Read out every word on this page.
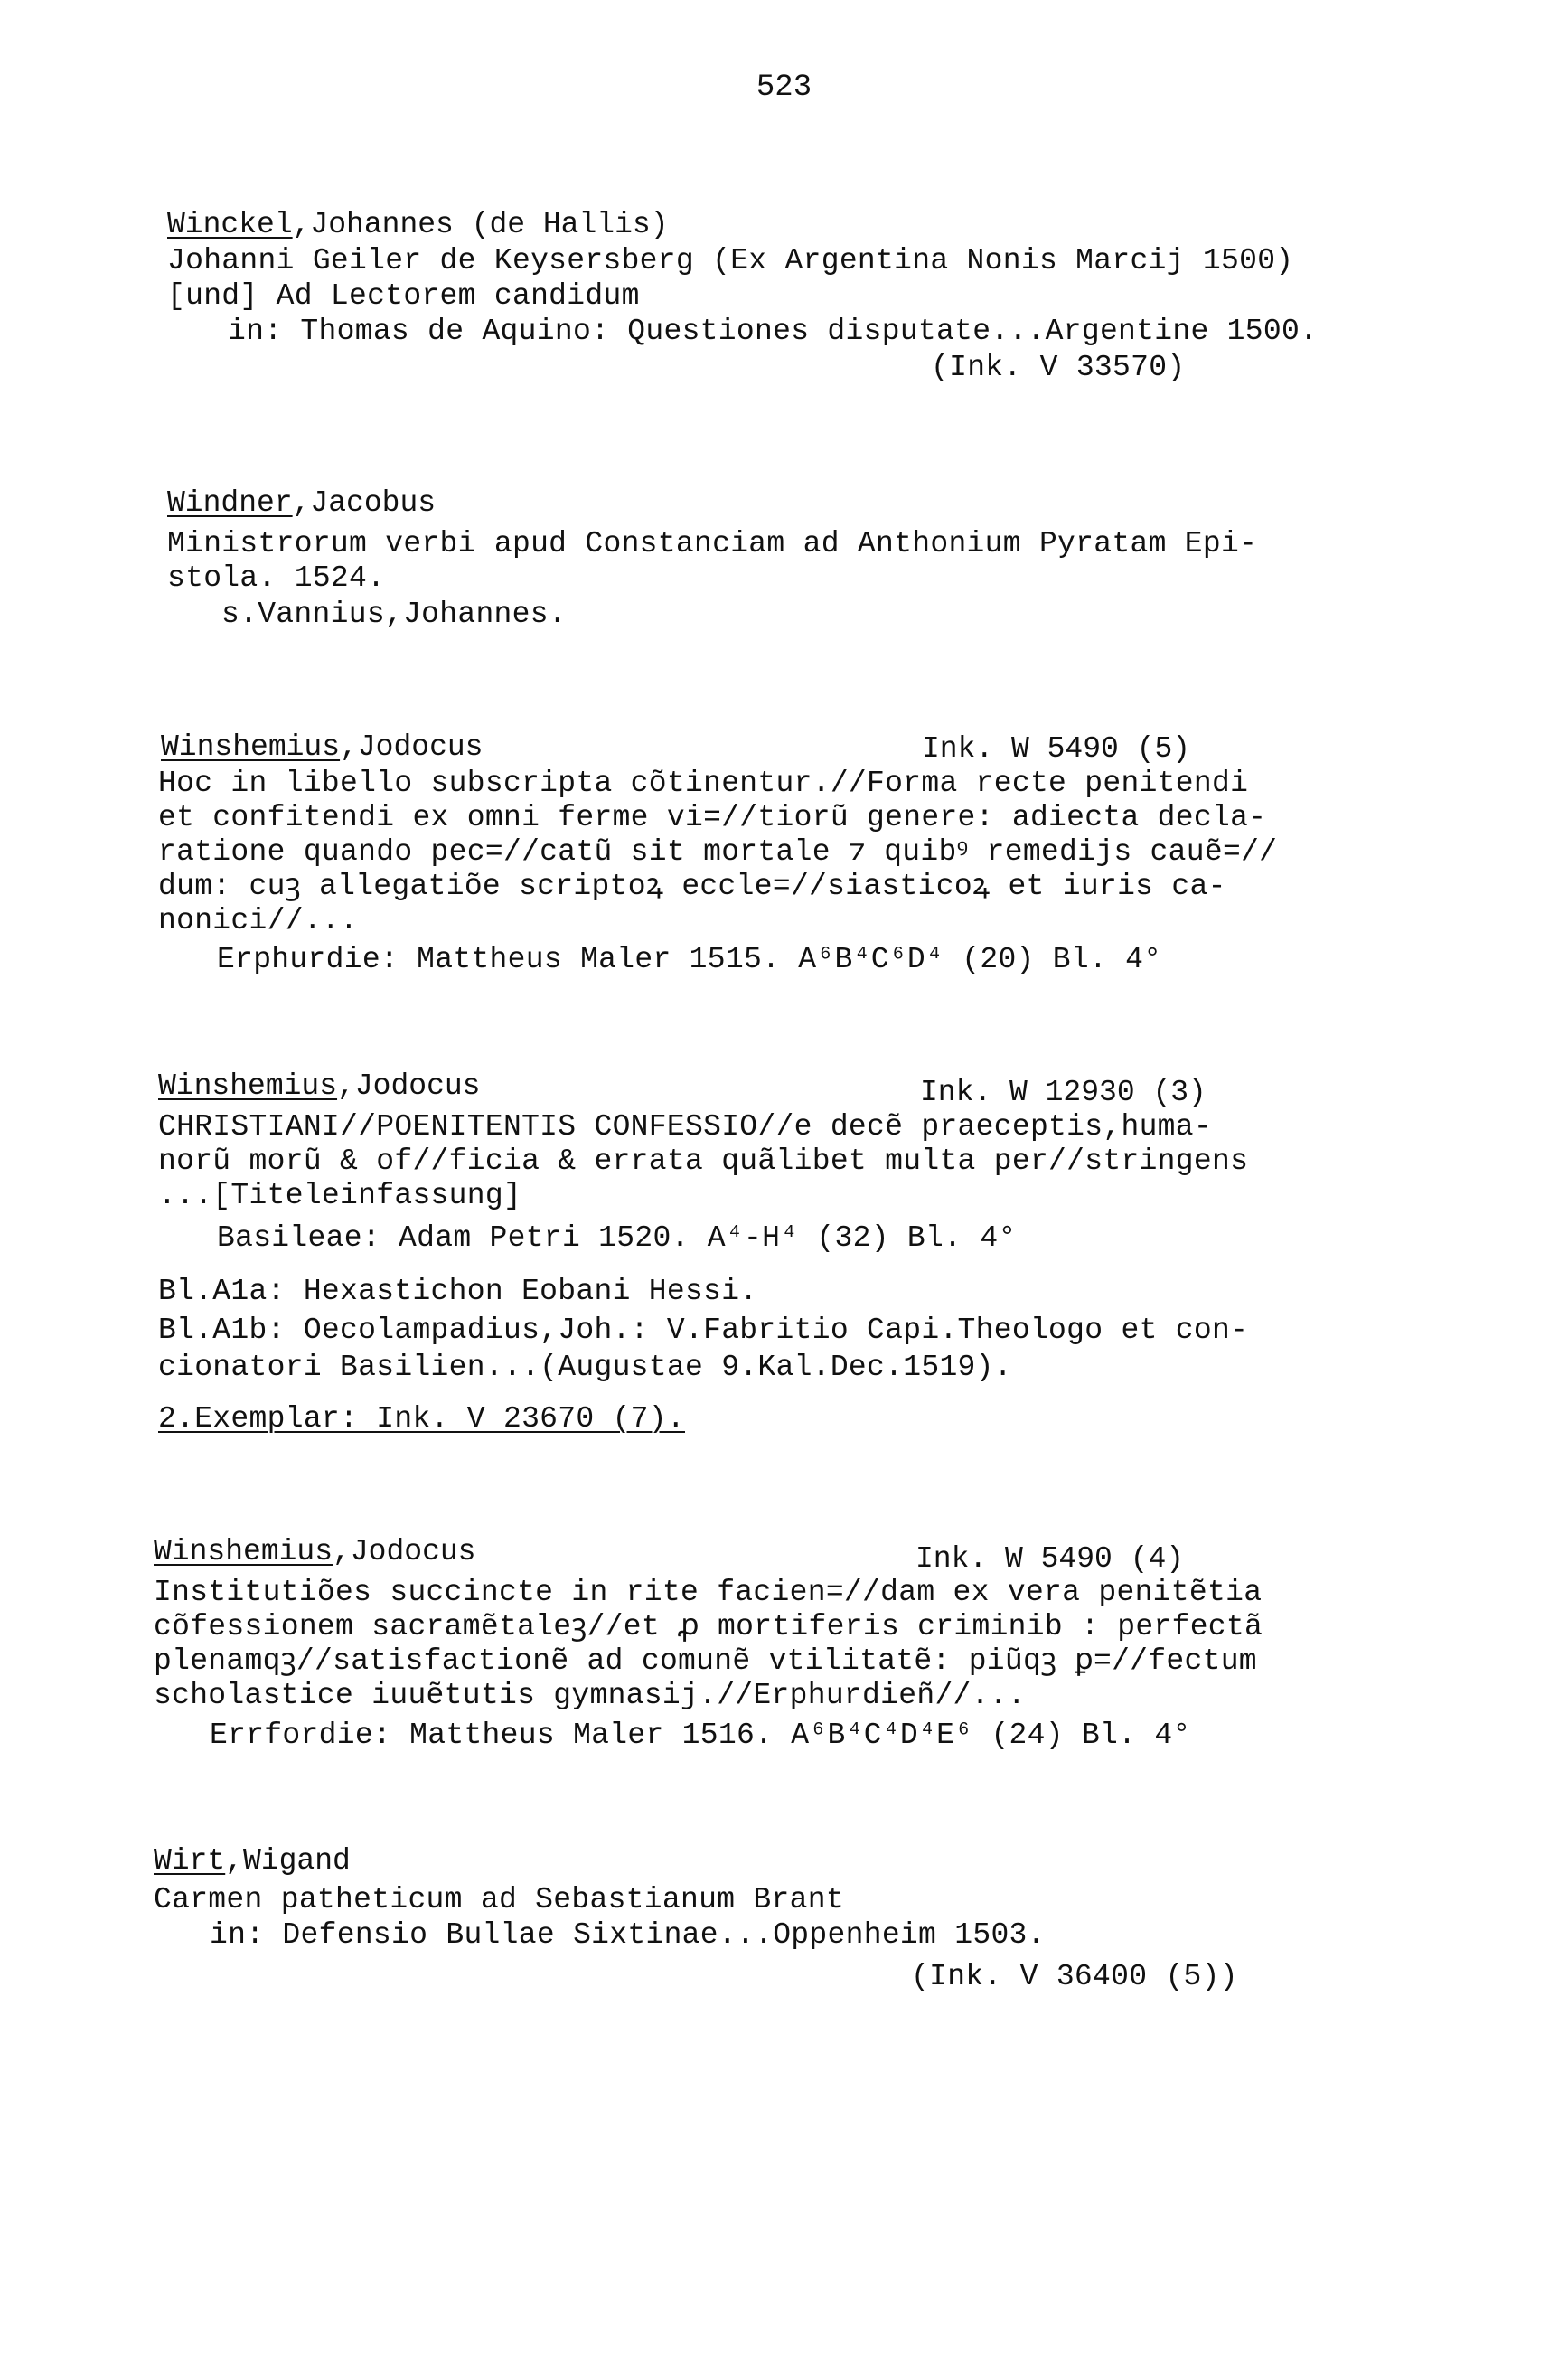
523
Winckel,Johannes (de Hallis)
Johanni Geiler de Keysersberg (Ex Argentina Nonis Marcij 1500)
[und] Ad Lectorem candidum
in: Thomas de Aquino: Questiones disputate...Argentine 1500.
(Ink. V 33570)
Windner,Jacobus
Ministrorum verbi apud Constanciam ad Anthonium Pyratam Epi-
stola. 1524.
s.Vannius,Johannes.
Winshemius,Jodocus	Ink. W 5490 (5)
Hoc in libello subscripta cõtinentur.//Forma recte penitendi
et confitendi ex omni ferme vi=//tiorũ genere: adiecta decla-
ratione quando pec=//catũ sit mortale ⁊ quibꝰ remedijs cauẽ=//
dum: cuꝫ allegatiõe scriptoꝝ eccle=//siasticoꝝ et iuris ca-
nonici//...
Erphurdie: Mattheus Maler 1515. A⁶B⁴C⁶D⁴ (20) Bl. 4°
Winshemius,Jodocus	Ink. W 12930 (3)
CHRISTIANI//POENITENTIS CONFESSIO//e decẽ praeceptis,huma-
norũ morũ & of//ficia & errata quãlibet multa per//stringens
...[Titeleinfassung]
Basileae: Adam Petri 1520. A⁴-H⁴ (32) Bl. 4°
Bl.A1a: Hexastichon Eobani Hessi.
Bl.A1b: Oecolampadius,Joh.: V.Fabritio Capi.Theologo et con-
cionatori Basilien...(Augustae 9.Kal.Dec.1519).
2.Exemplar: Ink. V 23670 (7).
Winshemius,Jodocus	Ink. W 5490 (4)
Institutiões succincte in rite facien=//dam ex vera penitẽtia
cõfessionem sacramẽtaleꝫ//et ꝓ mortiferis criminib : perfectã
plenamqꝫ//satisfactionẽ ad comunẽ vtilitatẽ: piũqꝫ ꝑ=//fectum
scholastice iuuẽtutis gymnasij.//Erphurdieñ//...
Errfordie: Mattheus Maler 1516. A⁶B⁴C⁴D⁴E⁶ (24) Bl. 4°
Wirt,Wigand
Carmen patheticum ad Sebastianum Brant
in: Defensio Bullae Sixtinae...Oppenheim 1503.
(Ink. V 36400 (5))
